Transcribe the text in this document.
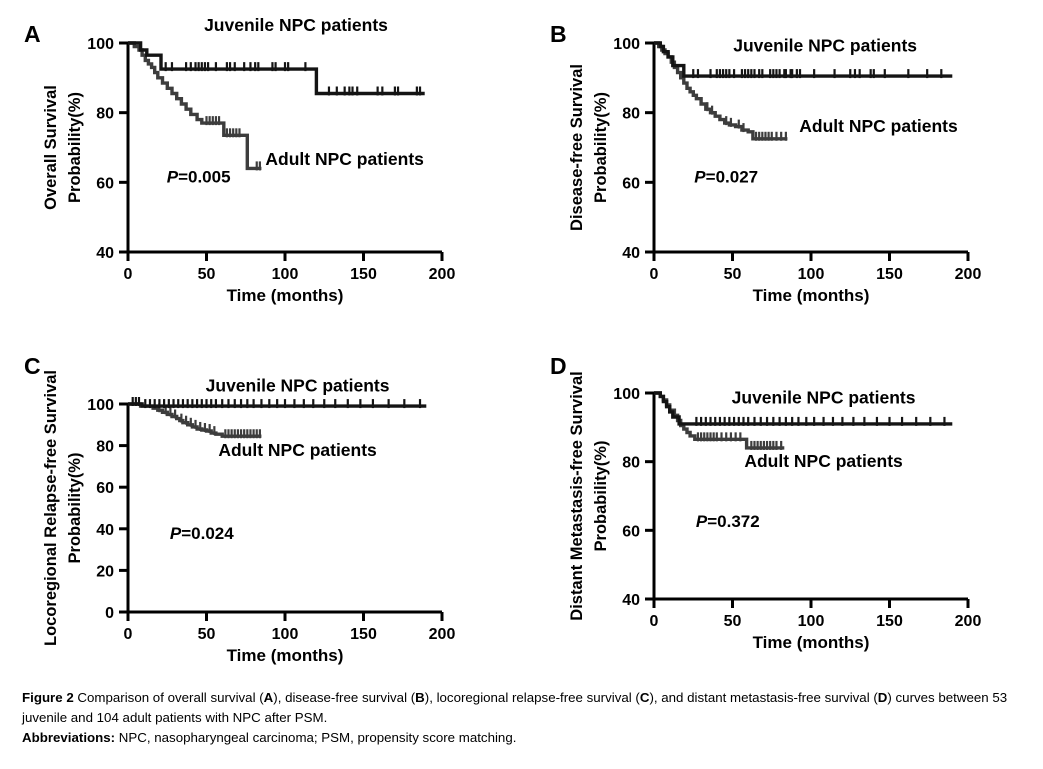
A
40
60
80
100
0	50	100	150	200
Time (months)
Overall Survival Probability(%)	Adult NPC patients
Juvenile NPC patients
P=0.005
B
40
60
80
100
0	50	100	150	200
Time (months)
Disease-free Survival Probability(%)	Adult NPC patients
Juvenile NPC patients
P=0.027
C
0
20
40
60
80
100
0	50	100	150	200
Time (months)
Locoregional Relapse-free Survival Probability(%)
Adult NPC patients
Juvenile NPC patients
P=0.024
D
40
60
80
100
0	50	100	150	200
Time (months)
Distant Metastasis-free Survival Probability(%)	Adult NPC patients
Juvenile NPC patients
P=0.372

Figure 2 Comparison of overall survival (A), disease-free survival (B), locoregional relapse-free survival (C), and distant metastasis-free survival (D) curves between 53 juvenile and 104 adult patients with NPC after PSM.

Abbreviations: NPC, nasopharyngeal carcinoma; PSM, propensity score matching.
